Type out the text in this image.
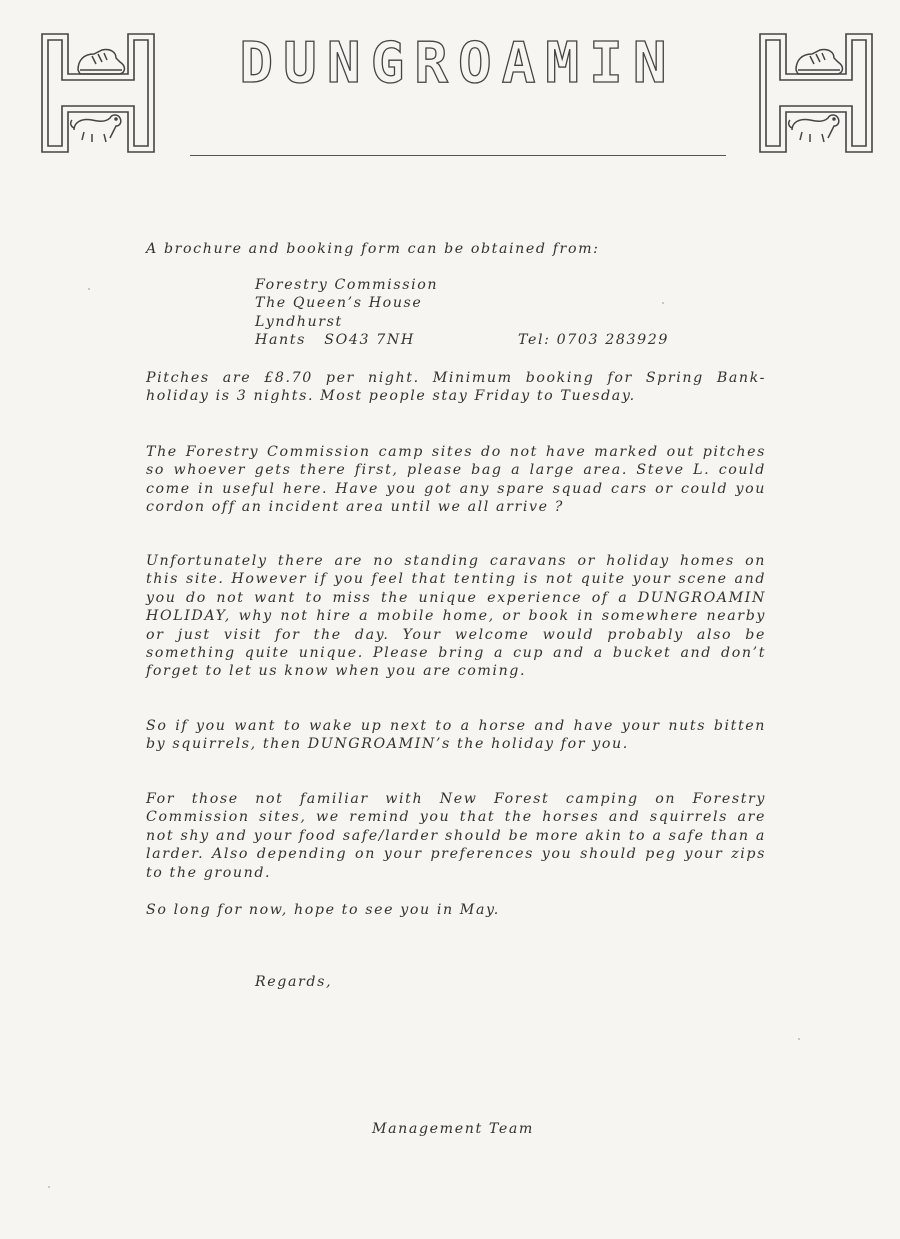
DUNGROAMIN

A brochure and booking form can be obtained from:

Forestry Commission

The Queen’s House

Lyndhurst

Hants   SO43 7NH	Tel: 0703 283929

Pitches are £8.70 per night. Minimum booking for Spring Bank-holiday is 3 nights. Most people stay Friday to Tuesday.

The Forestry Commission camp sites do not have marked out pitches so whoever gets there first, please bag a large area. Steve L. could come in useful here. Have you got any spare squad cars or could you cordon off an incident area until we all arrive ?

Unfortunately there are no standing caravans or holiday homes on this site. However if you feel that tenting is not quite your scene and you do not want to miss the unique experience of a DUNGROAMIN HOLIDAY, why not hire a mobile home, or book in somewhere nearby or just visit for the day. Your welcome would probably also be something quite unique. Please bring a cup and a bucket and don’t forget to let us know when you are coming.

So if you want to wake up next to a horse and have your nuts bitten by squirrels, then DUNGROAMIN’s the holiday for you.

For those not familiar with New Forest camping on Forestry Commission sites, we remind you that the horses and squirrels are not shy and your food safe/larder should be more akin to a safe than a larder. Also depending on your preferences you should peg your zips to the ground.

So long for now, hope to see you in May.

Regards,

Management Team
